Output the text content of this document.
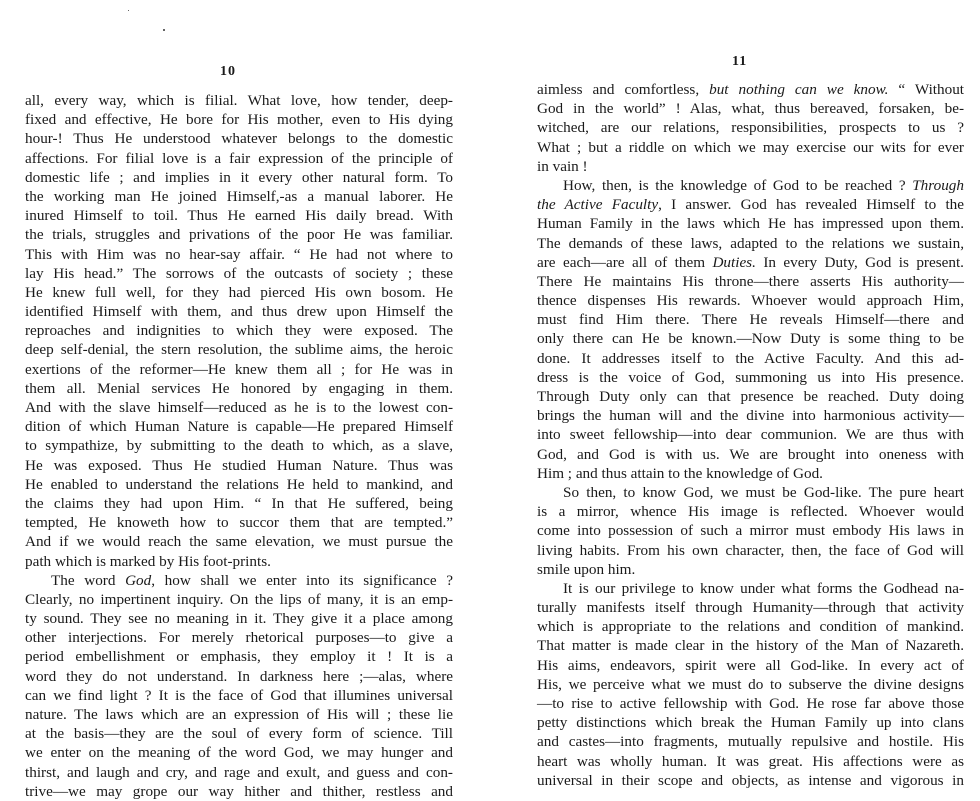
10
all, every way, which is filial. What love, how tender, deep-
fixed and effective, He bore for His mother, even to His dying
hour-! Thus He understood whatever belongs to the domestic
affections. For filial love is a fair expression of the principle of
domestic life ; and implies in it every other natural form. To
the working man He joined Himself,-as a manual laborer. He
inured Himself to toil. Thus He earned His daily bread. With
the trials, struggles and privations of the poor He was familiar.
This with Him was no hear-say affair. “ He had not where to
lay His head.” The sorrows of the outcasts of society ; these
He knew full well, for they had pierced His own bosom. He
identified Himself with them, and thus drew upon Himself the
reproaches and indignities to which they were exposed. The
deep self-denial, the stern resolution, the sublime aims, the heroic
exertions of the reformer—He knew them all ; for He was in
them all. Menial services He honored by engaging in them.
And with the slave himself—reduced as he is to the lowest con-
dition of which Human Nature is capable—He prepared Himself
to sympathize, by submitting to the death to which, as a slave,
He was exposed. Thus He studied Human Nature. Thus was
He enabled to understand the relations He held to mankind, and
the claims they had upon Him. “ In that He suffered, being
tempted, He knoweth how to succor them that are tempted.”
And if we would reach the same elevation, we must pursue the
path which is marked by His foot-prints.
The word God, how shall we enter into its significance ?
Clearly, no impertinent inquiry. On the lips of many, it is an emp-
ty sound. They see no meaning in it. They give it a place among
other interjections. For merely rhetorical purposes—to give a
period embellishment or emphasis, they employ it ! It is a
word they do not understand. In darkness here ;—alas, where
can we find light ? It is the face of God that illumines universal
nature. The laws which are an expression of His will ; these lie
at the basis—they are the soul of every form of science. Till
we enter on the meaning of the word God, we may hunger and
thirst, and laugh and cry, and rage and exult, and guess and con-
trive—we may grope our way hither and thither, restless and
11
aimless and comfortless, but nothing can we know. “ Without
God in the world” ! Alas, what, thus bereaved, forsaken, be-
witched, are our relations, responsibilities, prospects to us ?
What ; but a riddle on which we may exercise our wits for ever
in vain !
How, then, is the knowledge of God to be reached ? Through
the Active Faculty, I answer. God has revealed Himself to the
Human Family in the laws which He has impressed upon them.
The demands of these laws, adapted to the relations we sustain,
are each—are all of them Duties. In every Duty, God is present.
There He maintains His throne—there asserts His authority—
thence dispenses His rewards. Whoever would approach Him,
must find Him there. There He reveals Himself—there and
only there can He be known.—Now Duty is some thing to be
done. It addresses itself to the Active Faculty. And this ad-
dress is the voice of God, summoning us into His presence.
Through Duty only can that presence be reached. Duty doing
brings the human will and the divine into harmonious activity—
into sweet fellowship—into dear communion. We are thus with
God, and God is with us. We are brought into oneness with
Him ; and thus attain to the knowledge of God.
So then, to know God, we must be God-like. The pure heart
is a mirror, whence His image is reflected. Whoever would
come into possession of such a mirror must embody His laws in
living habits. From his own character, then, the face of God will
smile upon him.
It is our privilege to know under what forms the Godhead na-
turally manifests itself through Humanity—through that activity
which is appropriate to the relations and condition of mankind.
That matter is made clear in the history of the Man of Nazareth.
His aims, endeavors, spirit were all God-like. In every act of
His, we perceive what we must do to subserve the divine designs
—to rise to active fellowship with God. He rose far above those
petty distinctions which break the Human Family up into clans
and castes—into fragments, mutually repulsive and hostile. His
heart was wholly human. It was great. His affections were as
universal in their scope and objects, as intense and vigorous in
